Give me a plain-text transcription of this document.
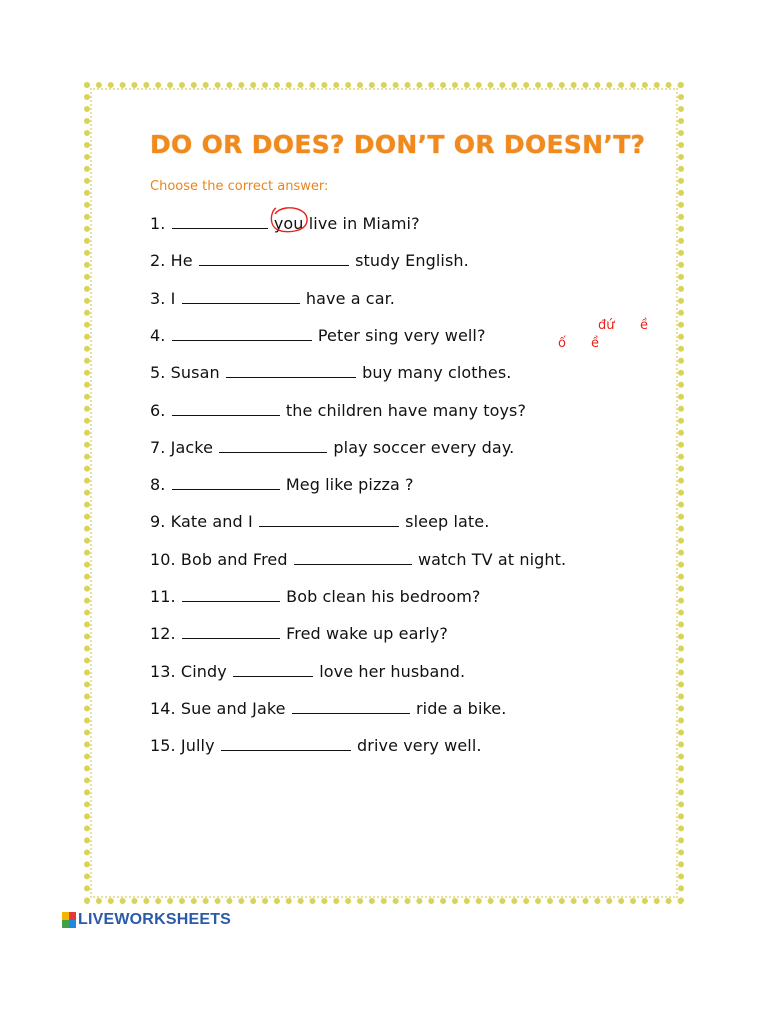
DO OR DOES? DON’T OR DOESN’T?
Choose the correct answer:
1.	you live in Miami?
2. He	study English.
3. I	have a car.
4.	Peter sing very well?
5. Susan	buy many clothes.
6.	the children have many toys?
7. Jacke	play soccer every day.
8.	Meg like pizza ?
9. Kate and I	sleep late.
10. Bob and Fred	watch TV at night.
11.	Bob clean his bedroom?
12.	Fred wake up early?
13. Cindy	love her husband.
14. Sue and Jake	ride a bike.
15. Jully	drive very well.
đứ ề
ố ề
LIVEWORKSHEETS
